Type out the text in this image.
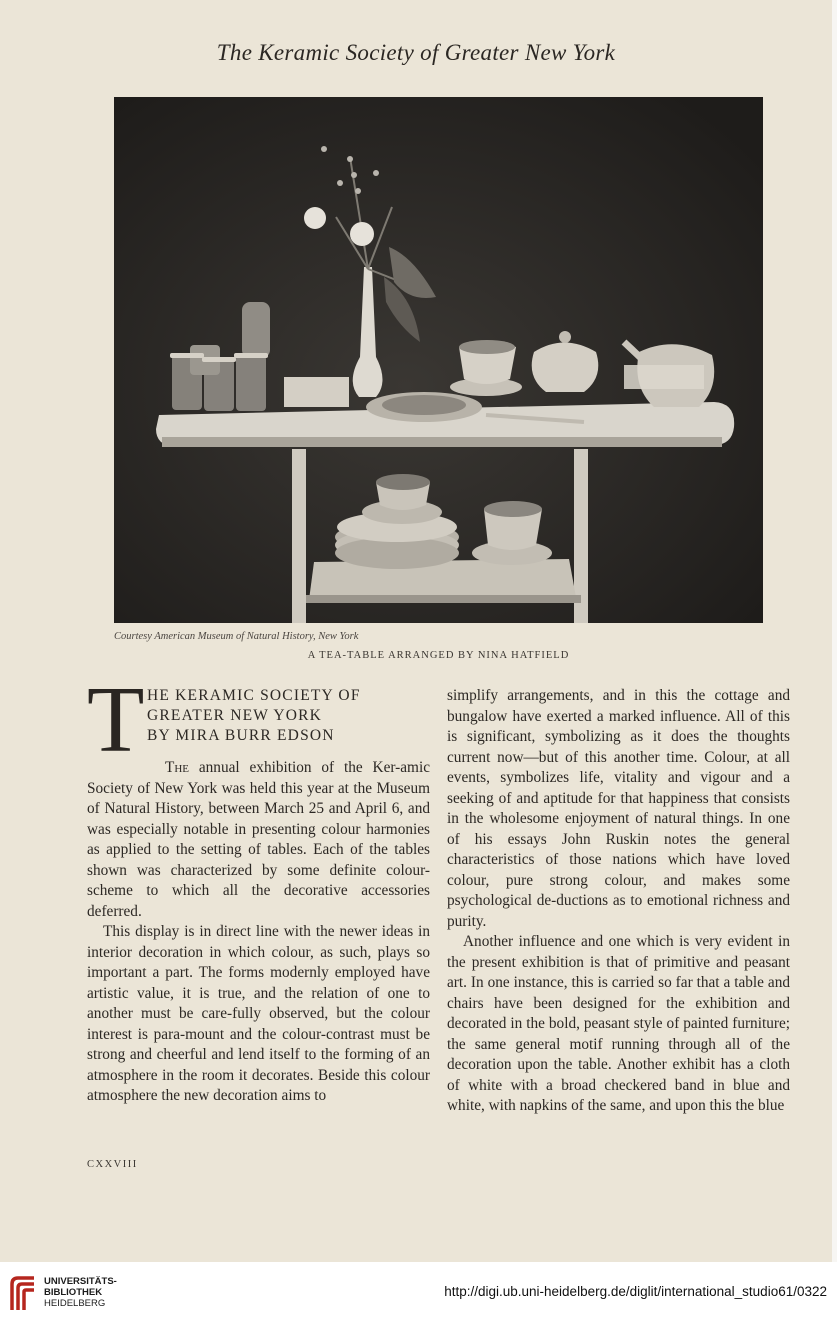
The Keramic Society of Greater New York
Courtesy American Museum of Natural History, New York
A TEA-TABLE ARRANGED BY NINA HATFIELD
T HE KERAMIC SOCIETY OF
GREATER NEW YORK
BY MIRA BURR EDSON

The annual exhibition of the Ker-amic Society of New York was held this year at the Museum of Natural History, between March 25 and April 6, and was especially notable in presenting colour harmonies as applied to the setting of tables. Each of the tables shown was characterized by some definite colour-scheme to which all the decorative accessories deferred.

This display is in direct line with the newer ideas in interior decoration in which colour, as such, plays so important a part. The forms modernly employed have artistic value, it is true, and the relation of one to another must be care-fully observed, but the colour interest is para-mount and the colour-contrast must be strong and cheerful and lend itself to the forming of an atmosphere in the room it decorates. Beside this colour atmosphere the new decoration aims to

simplify arrangements, and in this the cottage and bungalow have exerted a marked influence. All of this is significant, symbolizing as it does the thoughts current now—but of this another time. Colour, at all events, symbolizes life, vitality and vigour and a seeking of and aptitude for that happiness that consists in the wholesome enjoyment of natural things. In one of his essays John Ruskin notes the general characteristics of those nations which have loved colour, pure strong colour, and makes some psychological de-ductions as to emotional richness and purity.

Another influence and one which is very evident in the present exhibition is that of primitive and peasant art. In one instance, this is carried so far that a table and chairs have been designed for the exhibition and decorated in the bold, peasant style of painted furniture; the same general motif running through all of the decoration upon the table. Another exhibit has a cloth of white with a broad checkered band in blue and white, with napkins of the same, and upon this the blue

CXXVIII
UNIVERSITÄTS-
BIBLIOTHEK
HEIDELBERG
http://digi.ub.uni-heidelberg.de/diglit/international_studio61/0322
